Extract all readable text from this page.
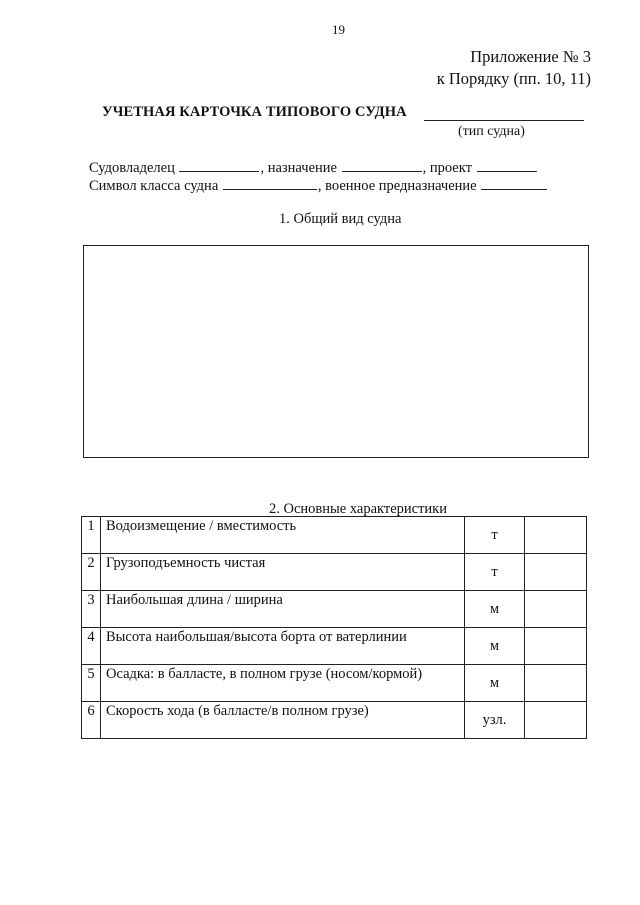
19
Приложение № 3
к Порядку (пп. 10, 11)
УЧЕТНАЯ КАРТОЧКА ТИПОВОГО СУДНА
(тип судна)
Судовладелец	, назначение	, проект
Символ класса судна	, военное предназначение
1. Общий вид судна
2. Основные характеристики
1	Водоизмещение / вместимость	т	
2	Грузоподъемность чистая	т	
3	Наибольшая длина / ширина	м	
4	Высота наибольшая/высота борта от ватерлинии	м	
5	Осадка: в балласте, в полном грузе (носом/кормой)	м	
6	Скорость хода (в балласте/в полном грузе)	узл.	
